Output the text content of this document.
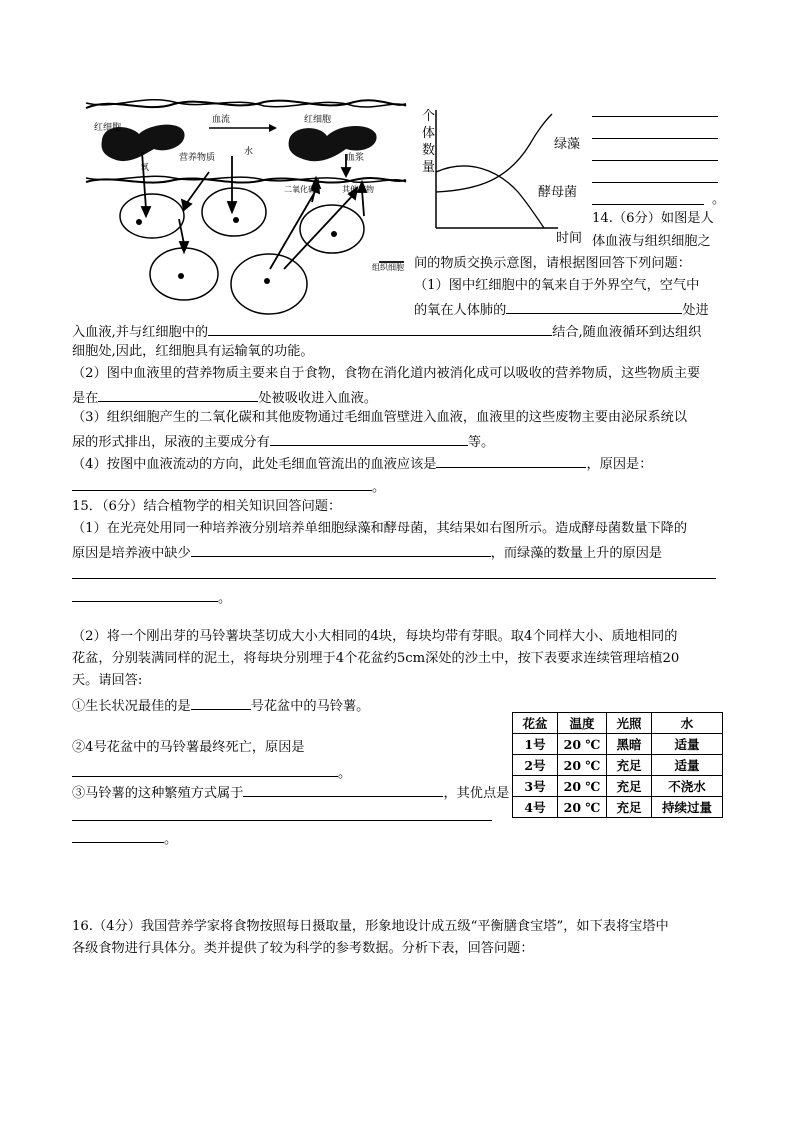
红细胞
血流	红细胞
氧
营养物质
水
血浆
二氧化碳	其他废物
组织细胞
个
体
数
量
绿藻
酵母菌
时间
。
14.（6分）如图是人
体血液与组织细胞之
间的物质交换示意图，请根据图回答下列问题：
（1）图中红细胞中的氧来自于外界空气，空气中
的氧在人体肺的	处进
入血液,并与红细胞中的	结合,随血液循环到达组织
细胞处,因此，红细胞具有运输氧的功能。
（2）图中血液里的营养物质主要来自于食物，食物在消化道内被消化成可以吸收的营养物质，这些物质主要
是在	处被吸收进入血液。
（3）组织细胞产生的二氧化碳和其他废物通过毛细血管壁进入血液，血液里的这些废物主要由泌尿系统以
尿的形式排出，尿液的主要成分有	等。
（4）按图中血液流动的方向，此处毛细血管流出的血液应该是	，原因是：
。
15．（6分）结合植物学的相关知识回答问题：
（1）在光亮处用同一种培养液分别培养单细胞绿藻和酵母菌，其结果如右图所示。造成酵母菌数量下降的
原因是培养液中缺少	，而绿藻的数量上升的原因是
。
（2）将一个刚出芽的马铃薯块茎切成大小大相同的4块，每块均带有芽眼。取4个同样大小、质地相同的
花盆，分别装满同样的泥土，将每块分别埋于4个花盆约5cm深处的沙土中，按下表要求连续管理培植20
天。请回答:
①生长状况最佳的是	号花盆中的马铃薯。
②4号花盆中的马铃薯最终死亡，原因是
。
③马铃薯的这种繁殖方式属于	，其优点是
。
花盆	温度	光照	水
1号	20 ℃	黑暗	适量
2号	20 ℃	充足	适量
3号	20 ℃	充足	不浇水
4号	20 ℃	充足	持续过量
16.（4分）我国营养学家将食物按照每日摄取量，形象地设计成五级“平衡膳食宝塔”，如下表将宝塔中
各级食物进行具体分。类并提供了较为科学的参考数据。分析下表，回答问题：
